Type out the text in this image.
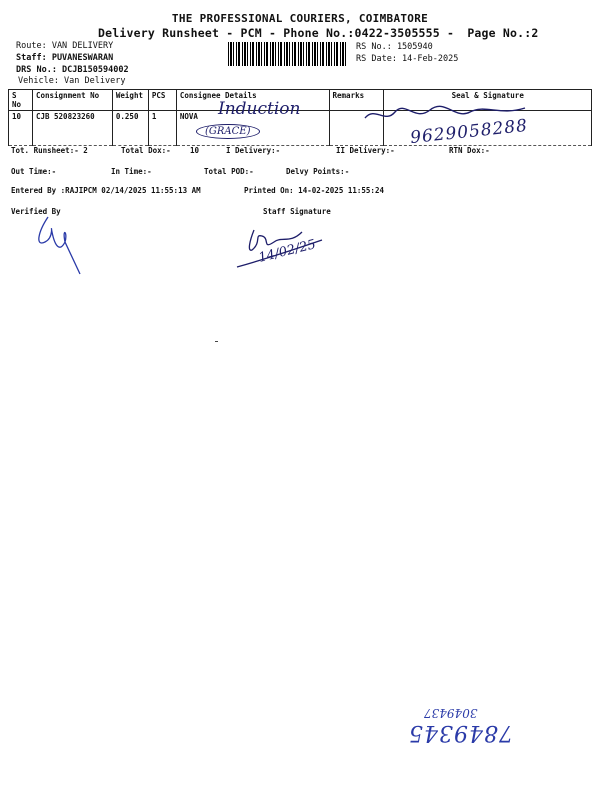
THE PROFESSIONAL COURIERS, COIMBATORE
Delivery Runsheet - PCM - Phone No.:0422-3505555 - Page No.:2
Route: VAN DELIVERY
Staff: PUVANESWARAN
DRS No.: DCJB150594002
Vehicle: Van Delivery
RS No.: 1505940
RS Date: 14-Feb-2025
S No	Consignment No	Weight	PCS	Consignee Details	Remarks	Seal & Signature
10	CJB 520823260	0.250	1	NOVA		Induction
(GRACE)	9629058288
Tot. Runsheet:- 2	Total Dox:-	10	I Delivery:-	II Delivery:-	RTN Dox:-
Out Time:-	In Time:-	Total POD:-	Delvy Points:-
Entered By :RAJIPCM 02/14/2025 11:55:13 AM	Printed On: 14-02-2025 11:55:24
Verified By	Staff Signature
14/02/25
7849345
3049437
